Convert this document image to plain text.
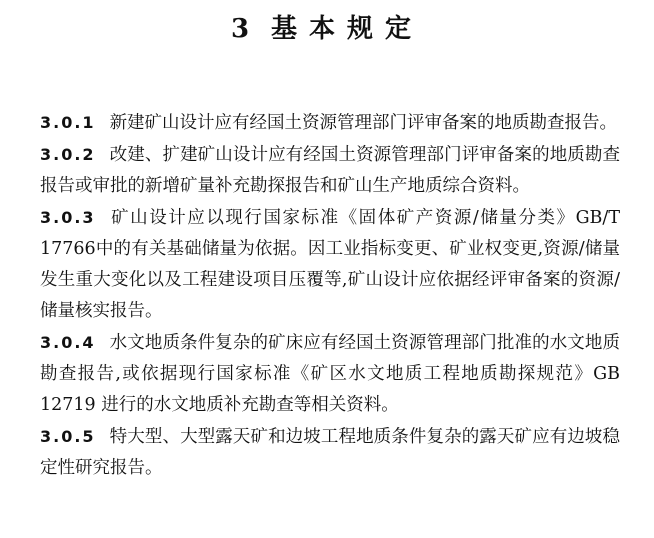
3 基本规定

3.0.1 新建矿山设计应有经国土资源管理部门评审备案的地质勘查报告。

3.0.2 改建、扩建矿山设计应有经国土资源管理部门评审备案的地质勘查报告或审批的新增矿量补充勘探报告和矿山生产地质综合资料。

3.0.3 矿山设计应以现行国家标准《固体矿产资源/储量分类》GB/T 17766中的有关基础储量为依据。因工业指标变更、矿业权变更,资源/储量发生重大变化以及工程建设项目压覆等,矿山设计应依据经评审备案的资源/储量核实报告。

3.0.4 水文地质条件复杂的矿床应有经国土资源管理部门批准的水文地质勘查报告,或依据现行国家标准《矿区水文地质工程地质勘探规范》GB 12719 进行的水文地质补充勘查等相关资料。

3.0.5 特大型、大型露天矿和边坡工程地质条件复杂的露天矿应有边坡稳定性研究报告。
